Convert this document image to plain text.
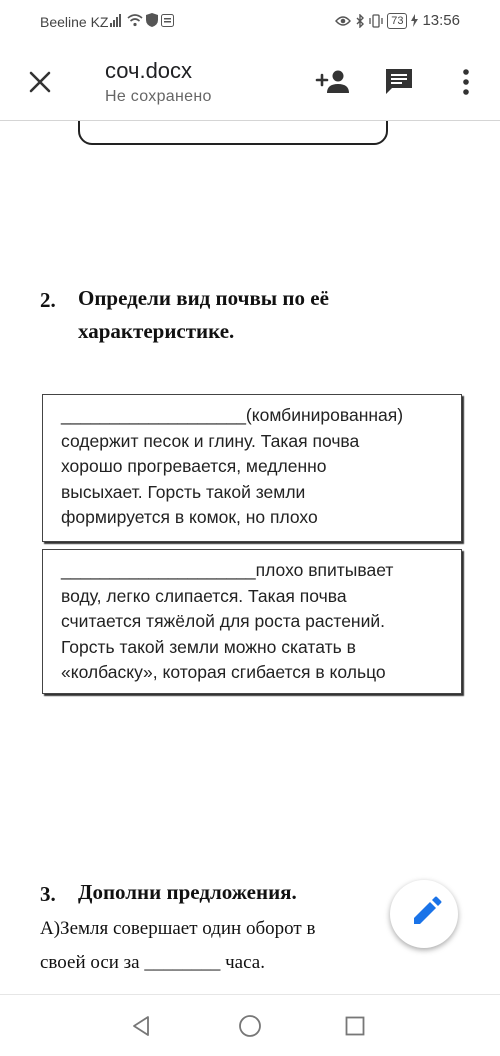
Beeline KZ	73 13:56
соч.docx
Не сохранено
2. Определи вид почвы по её
характеристике.
___________________(комбинированная)
содержит песок и глину. Такая почва
хорошо прогревается, медленно
высыхает. Горсть такой земли
формируется в комок, но плохо
____________________плохо впитывает
воду, легко слипается. Такая почва
считается тяжёлой для роста растений.
Горсть такой земли можно скатать в
«колбаску», которая сгибается в кольцо
3. Дополни предложения.
А)Земля совершает один оборот в
своей оси за ________ часа.
